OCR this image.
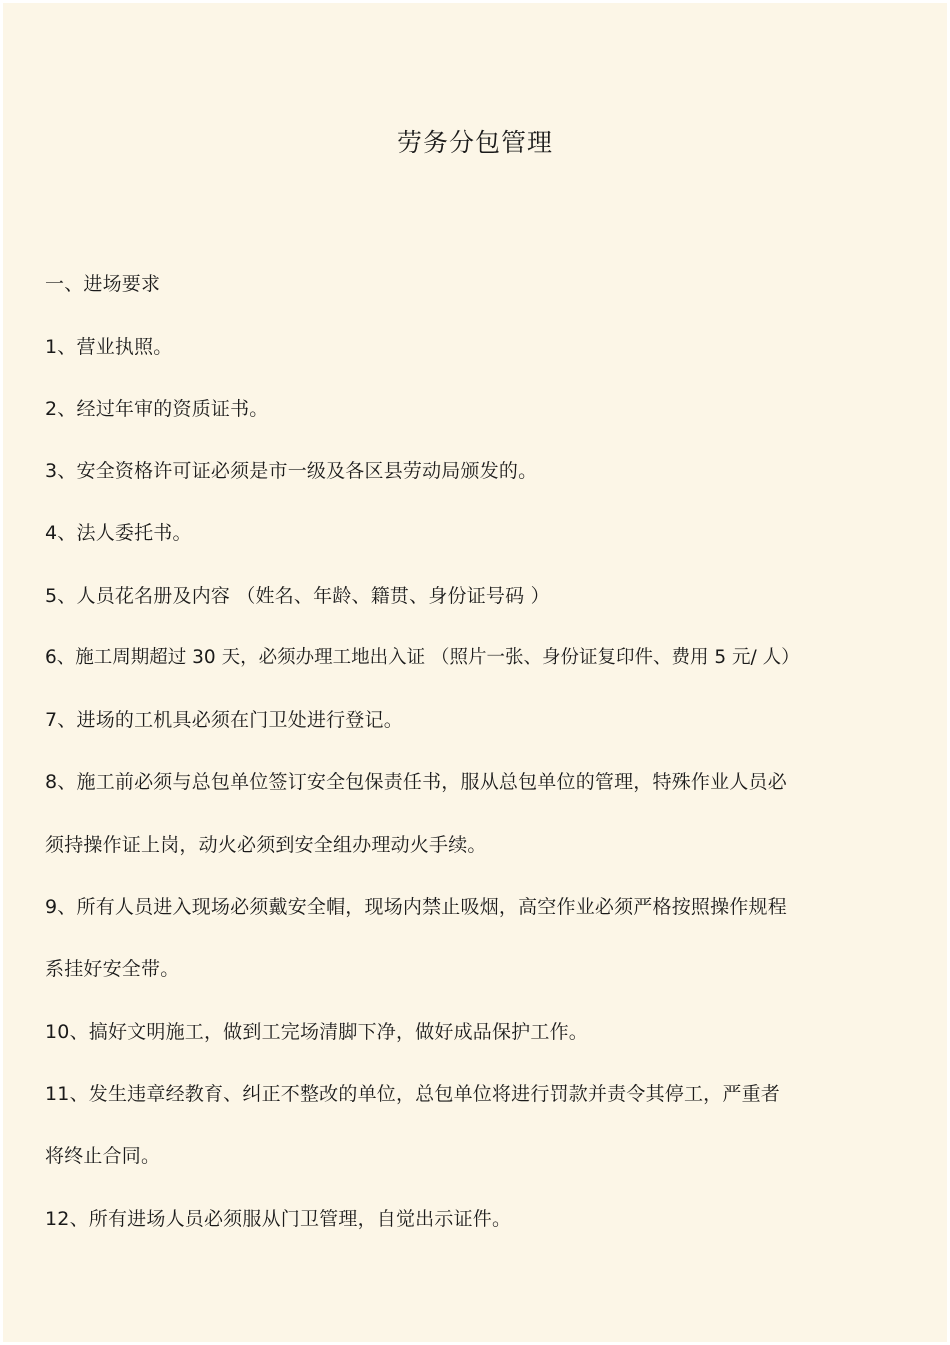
劳务分包管理
一、进场要求
1、营业执照。
2、经过年审的资质证书。
3、安全资格许可证必须是市一级及各区县劳动局颁发的。
4、法人委托书。
5、人员花名册及内容 （姓名、年龄、籍贯、身份证号码 ）
6、施工周期超过 30 天，必须办理工地出入证 （照片一张、身份证复印件、费用 5 元/ 人）
7、进场的工机具必须在门卫处进行登记。
8、施工前必须与总包单位签订安全包保责任书，服从总包单位的管理，特殊作业人员必
须持操作证上岗，动火必须到安全组办理动火手续。
9、所有人员进入现场必须戴安全帽，现场内禁止吸烟，高空作业必须严格按照操作规程
系挂好安全带。
10、搞好文明施工，做到工完场清脚下净，做好成品保护工作。
11、发生违章经教育、纠正不整改的单位，总包单位将进行罚款并责令其停工，严重者
将终止合同。
12、所有进场人员必须服从门卫管理，自觉出示证件。
